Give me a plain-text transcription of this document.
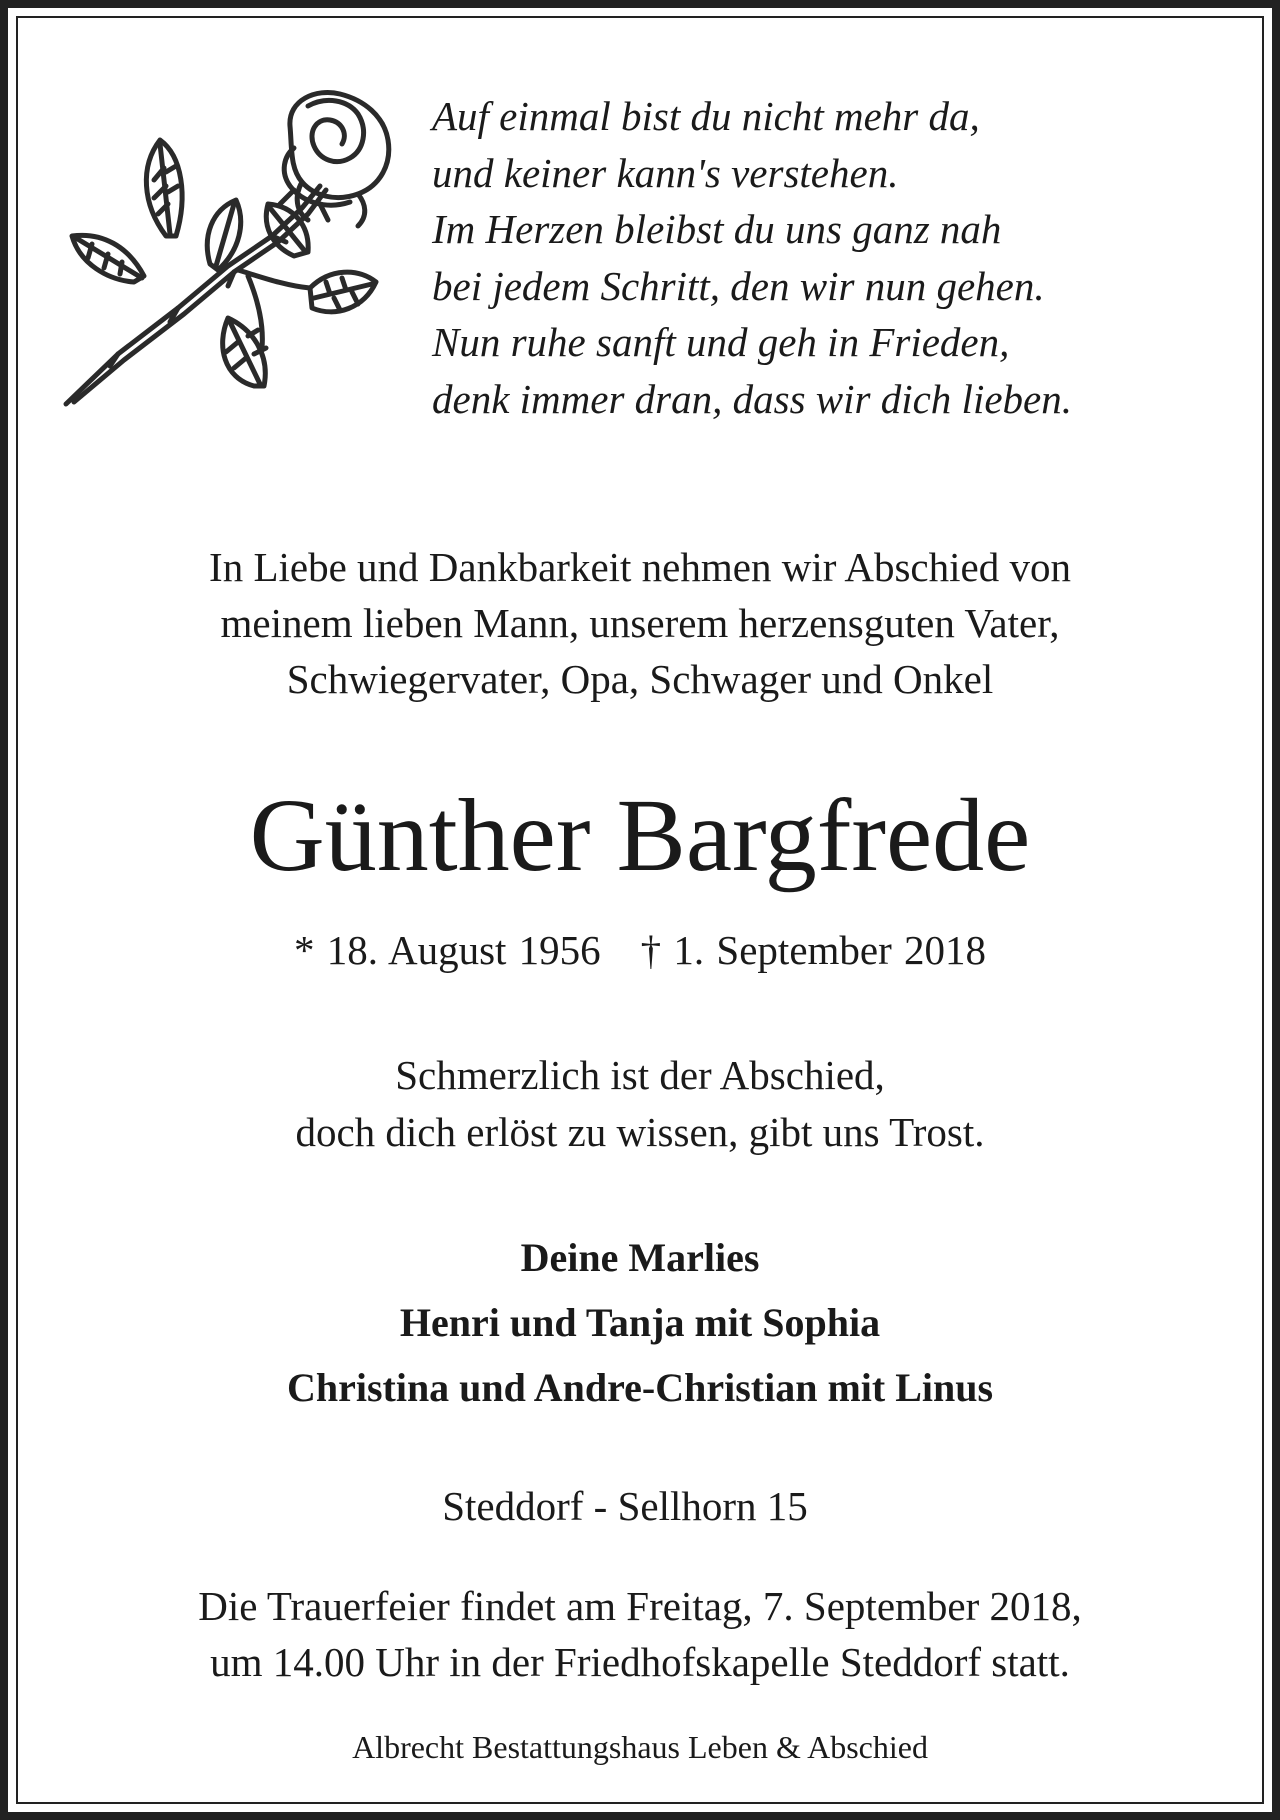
Auf einmal bist du nicht mehr da,
und keiner kann's verstehen.
Im Herzen bleibst du uns ganz nah
bei jedem Schritt, den wir nun gehen.
Nun ruhe sanft und geh in Frieden,
denk immer dran, dass wir dich lieben.
In Liebe und Dankbarkeit nehmen wir Abschied von
meinem lieben Mann, unserem herzensguten Vater,
Schwiegervater, Opa, Schwager und Onkel
Günther Bargfrede
* 18. August 1956 † 1. September 2018
Schmerzlich ist der Abschied,
doch dich erlöst zu wissen, gibt uns Trost.
Deine Marlies
Henri und Tanja mit Sophia
Christina und Andre-Christian mit Linus
Steddorf - Sellhorn 15
Die Trauerfeier findet am Freitag, 7. September 2018,
um 14.00 Uhr in der Friedhofskapelle Steddorf statt.
Albrecht Bestattungshaus Leben & Abschied
